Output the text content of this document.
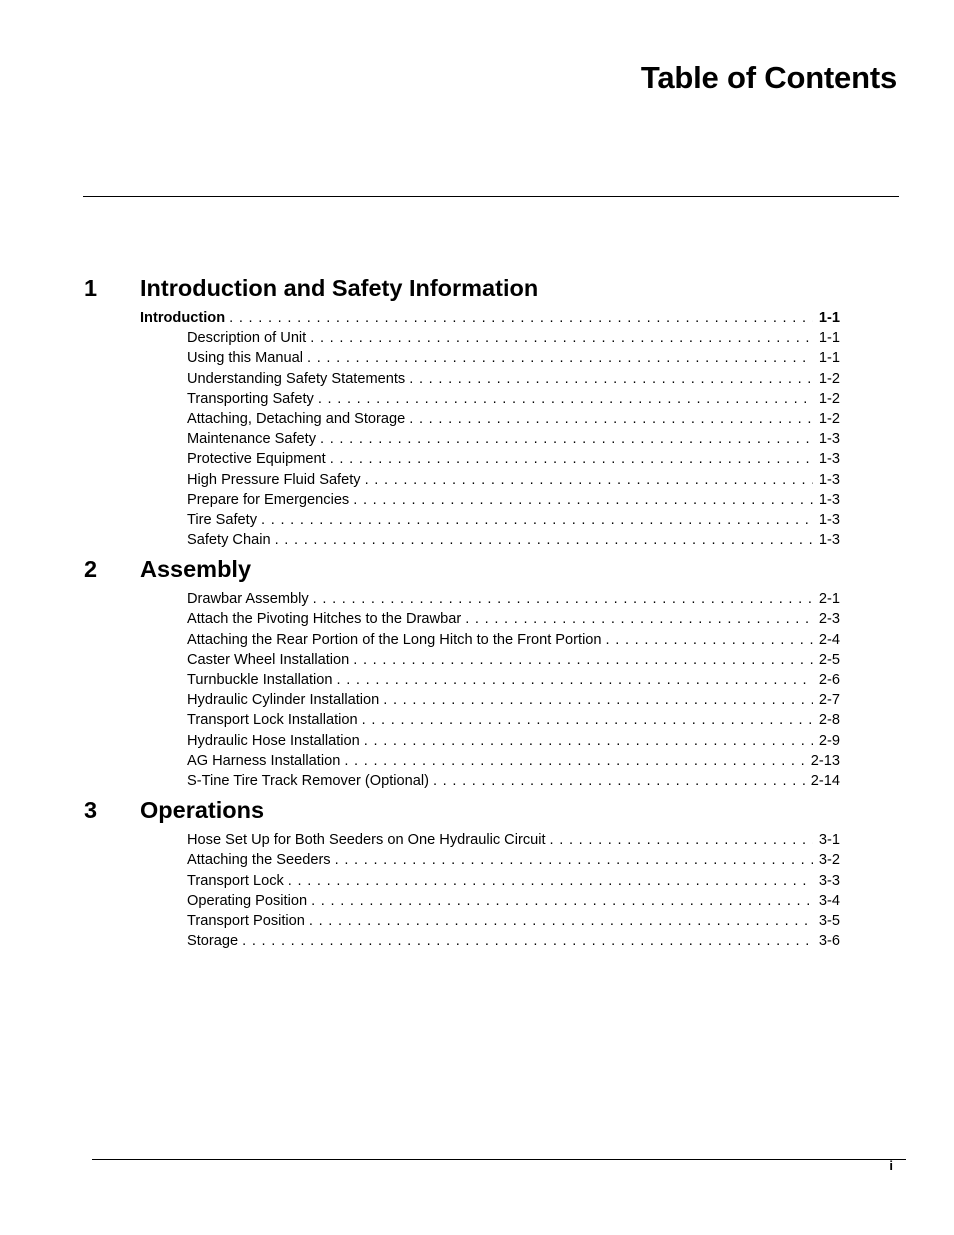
Table of Contents
1 Introduction and Safety Information
Introduction . . .	1-1
Description of Unit . . .	1-1
Using this Manual . . .	1-1
Understanding Safety Statements . . .	1-2
Transporting Safety . . .	1-2
Attaching, Detaching and Storage . . .	1-2
Maintenance Safety . . .	1-3
Protective Equipment . . .	1-3
High Pressure Fluid Safety . . .	1-3
Prepare for Emergencies . . .	1-3
Tire Safety . . .	1-3
Safety Chain . . .	1-3
2 Assembly
Drawbar Assembly . . .	2-1
Attach the Pivoting Hitches to the Drawbar . . .	2-3
Attaching the Rear Portion of the Long Hitch to the Front Portion . . .	2-4
Caster Wheel Installation . . .	2-5
Turnbuckle Installation . . .	2-6
Hydraulic Cylinder Installation . . .	2-7
Transport Lock Installation . . .	2-8
Hydraulic Hose Installation . . .	2-9
AG Harness Installation . . .	2-13
S-Tine Tire Track Remover (Optional) . . .	2-14
3 Operations
Hose Set Up for Both Seeders on One Hydraulic Circuit . . .	3-1
Attaching the Seeders . . .	3-2
Transport Lock . . .	3-3
Operating Position . . .	3-4
Transport Position . . .	3-5
Storage . . .	3-6
i
